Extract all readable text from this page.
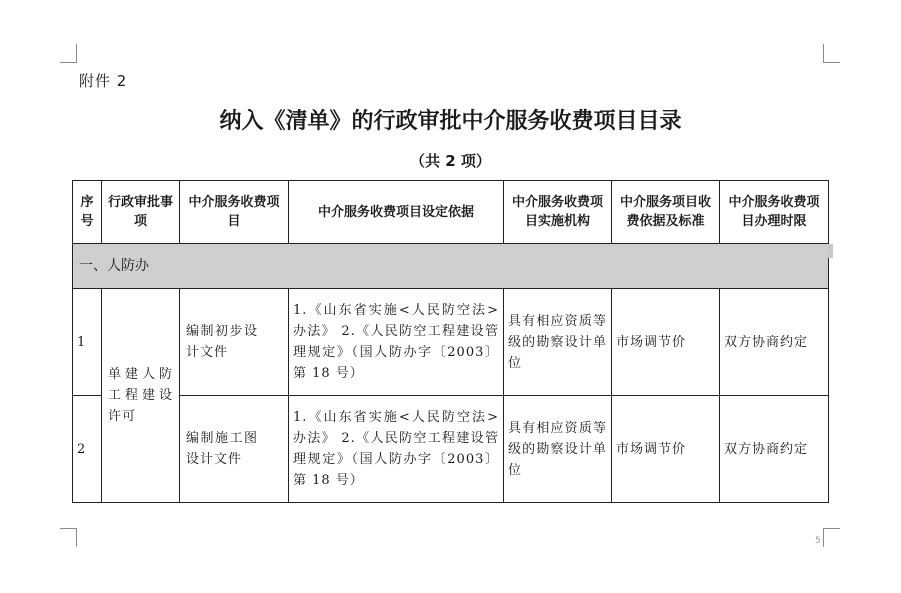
附件 2
纳入《清单》的行政审批中介服务收费项目目录
（共 2 项）
序号	行政审批事项	中介服务收费项目	中介服务收费项目设定依据	中介服务收费项目实施机构	中介服务项目收费依据及标准	中介服务收费项目办理时限
一、人防办						
1	单建人防工程建设许可	编制初步设计文件	1.《山东省实施<人民防空法>办法》 2.《人民防空工程建设管理规定》（国人防办字〔2003〕第 18 号）	具有相应资质等级的勘察设计单位	市场调节价	双方协商约定
2		编制施工图设计文件	1.《山东省实施<人民防空法>办法》 2.《人民防空工程建设管理规定》（国人防办字〔2003〕第 18 号）	具有相应资质等级的勘察设计单位	市场调节价	双方协商约定
5
